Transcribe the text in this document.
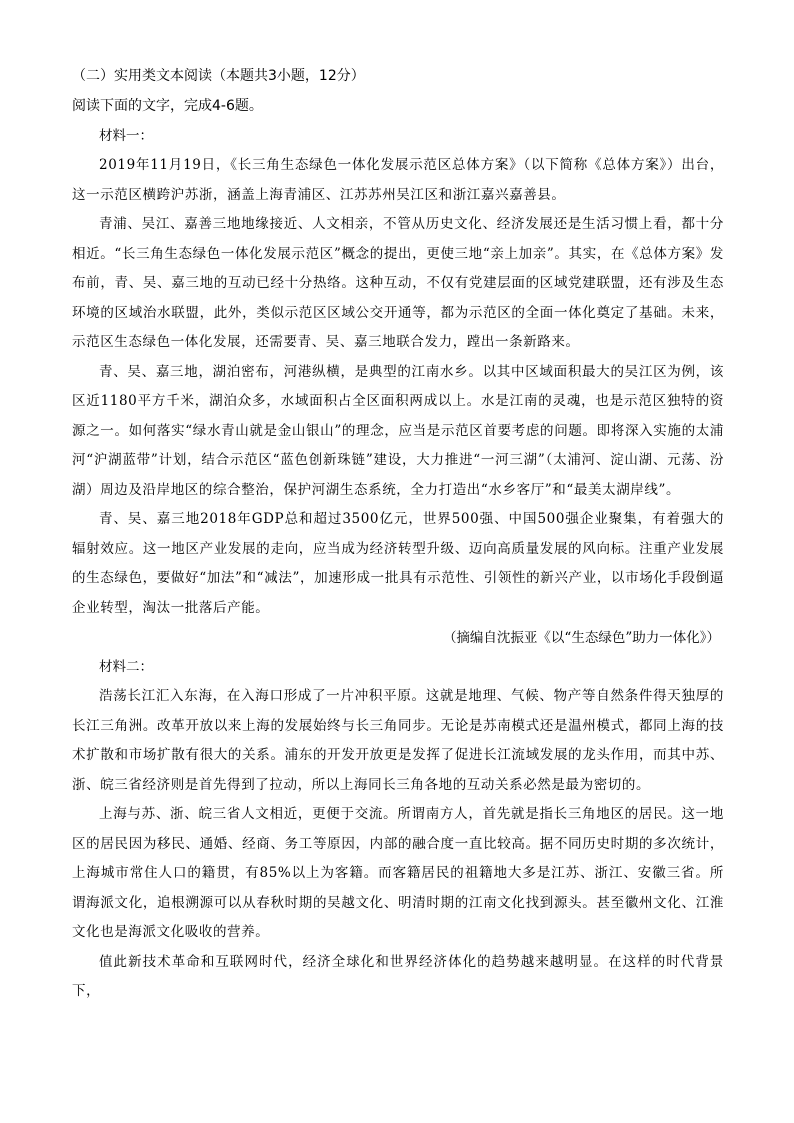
（二）实用类文本阅读（本题共3小题，12分）

阅读下面的文字，完成4-6题。

材料一：

2019年11月19日，《长三角生态绿色一体化发展示范区总体方案》（以下简称《总体方案》）出台，这一示范区横跨沪苏浙，涵盖上海青浦区、江苏苏州吴江区和浙江嘉兴嘉善县。

青浦、吴江、嘉善三地地缘接近、人文相亲，不管从历史文化、经济发展还是生活习惯上看，都十分相近。“长三角生态绿色一体化发展示范区”概念的提出，更使三地“亲上加亲”。其实，在《总体方案》发布前，青、吴、嘉三地的互动已经十分热络。这种互动，不仅有党建层面的区域党建联盟，还有涉及生态环境的区域治水联盟，此外，类似示范区区域公交开通等，都为示范区的全面一体化奠定了基础。未来，示范区生态绿色一体化发展，还需要青、吴、嘉三地联合发力，蹚出一条新路来。

青、吴、嘉三地，湖泊密布，河港纵横，是典型的江南水乡。以其中区域面积最大的吴江区为例，该区近1180平方千米，湖泊众多，水域面积占全区面积两成以上。水是江南的灵魂，也是示范区独特的资源之一。如何落实“绿水青山就是金山银山”的理念，应当是示范区首要考虑的问题。即将深入实施的太浦河“沪湖蓝带”计划，结合示范区“蓝色创新珠链”建设，大力推进“一河三湖”（太浦河、淀山湖、元荡、汾湖）周边及沿岸地区的综合整治，保护河湖生态系统，全力打造出“水乡客厅”和“最美太湖岸线”。

青、吴、嘉三地2018年GDP总和超过3500亿元，世界500强、中国500强企业聚集，有着强大的辐射效应。这一地区产业发展的走向，应当成为经济转型升级、迈向高质量发展的风向标。注重产业发展的生态绿色，要做好“加法”和“减法”，加速形成一批具有示范性、引领性的新兴产业，以市场化手段倒逼企业转型，淘汰一批落后产能。

（摘编自沈振亚《以“生态绿色”助力一体化》）

材料二：

浩荡长江汇入东海，在入海口形成了一片冲积平原。这就是地理、气候、物产等自然条件得天独厚的长江三角洲。改革开放以来上海的发展始终与长三角同步。无论是苏南模式还是温州模式，都同上海的技术扩散和市场扩散有很大的关系。浦东的开发开放更是发挥了促进长江流域发展的龙头作用，而其中苏、浙、皖三省经济则是首先得到了拉动，所以上海同长三角各地的互动关系必然是最为密切的。

上海与苏、浙、皖三省人文相近，更便于交流。所谓南方人，首先就是指长三角地区的居民。这一地区的居民因为移民、通婚、经商、务工等原因，内部的融合度一直比较高。据不同历史时期的多次统计，上海城市常住人口的籍贯，有85%以上为客籍。而客籍居民的祖籍地大多是江苏、浙江、安徽三省。所谓海派文化，追根溯源可以从春秋时期的吴越文化、明清时期的江南文化找到源头。甚至徽州文化、江淮文化也是海派文化吸收的营养。

值此新技术革命和互联网时代，经济全球化和世界经济体化的趋势越来越明显。在这样的时代背景下，
